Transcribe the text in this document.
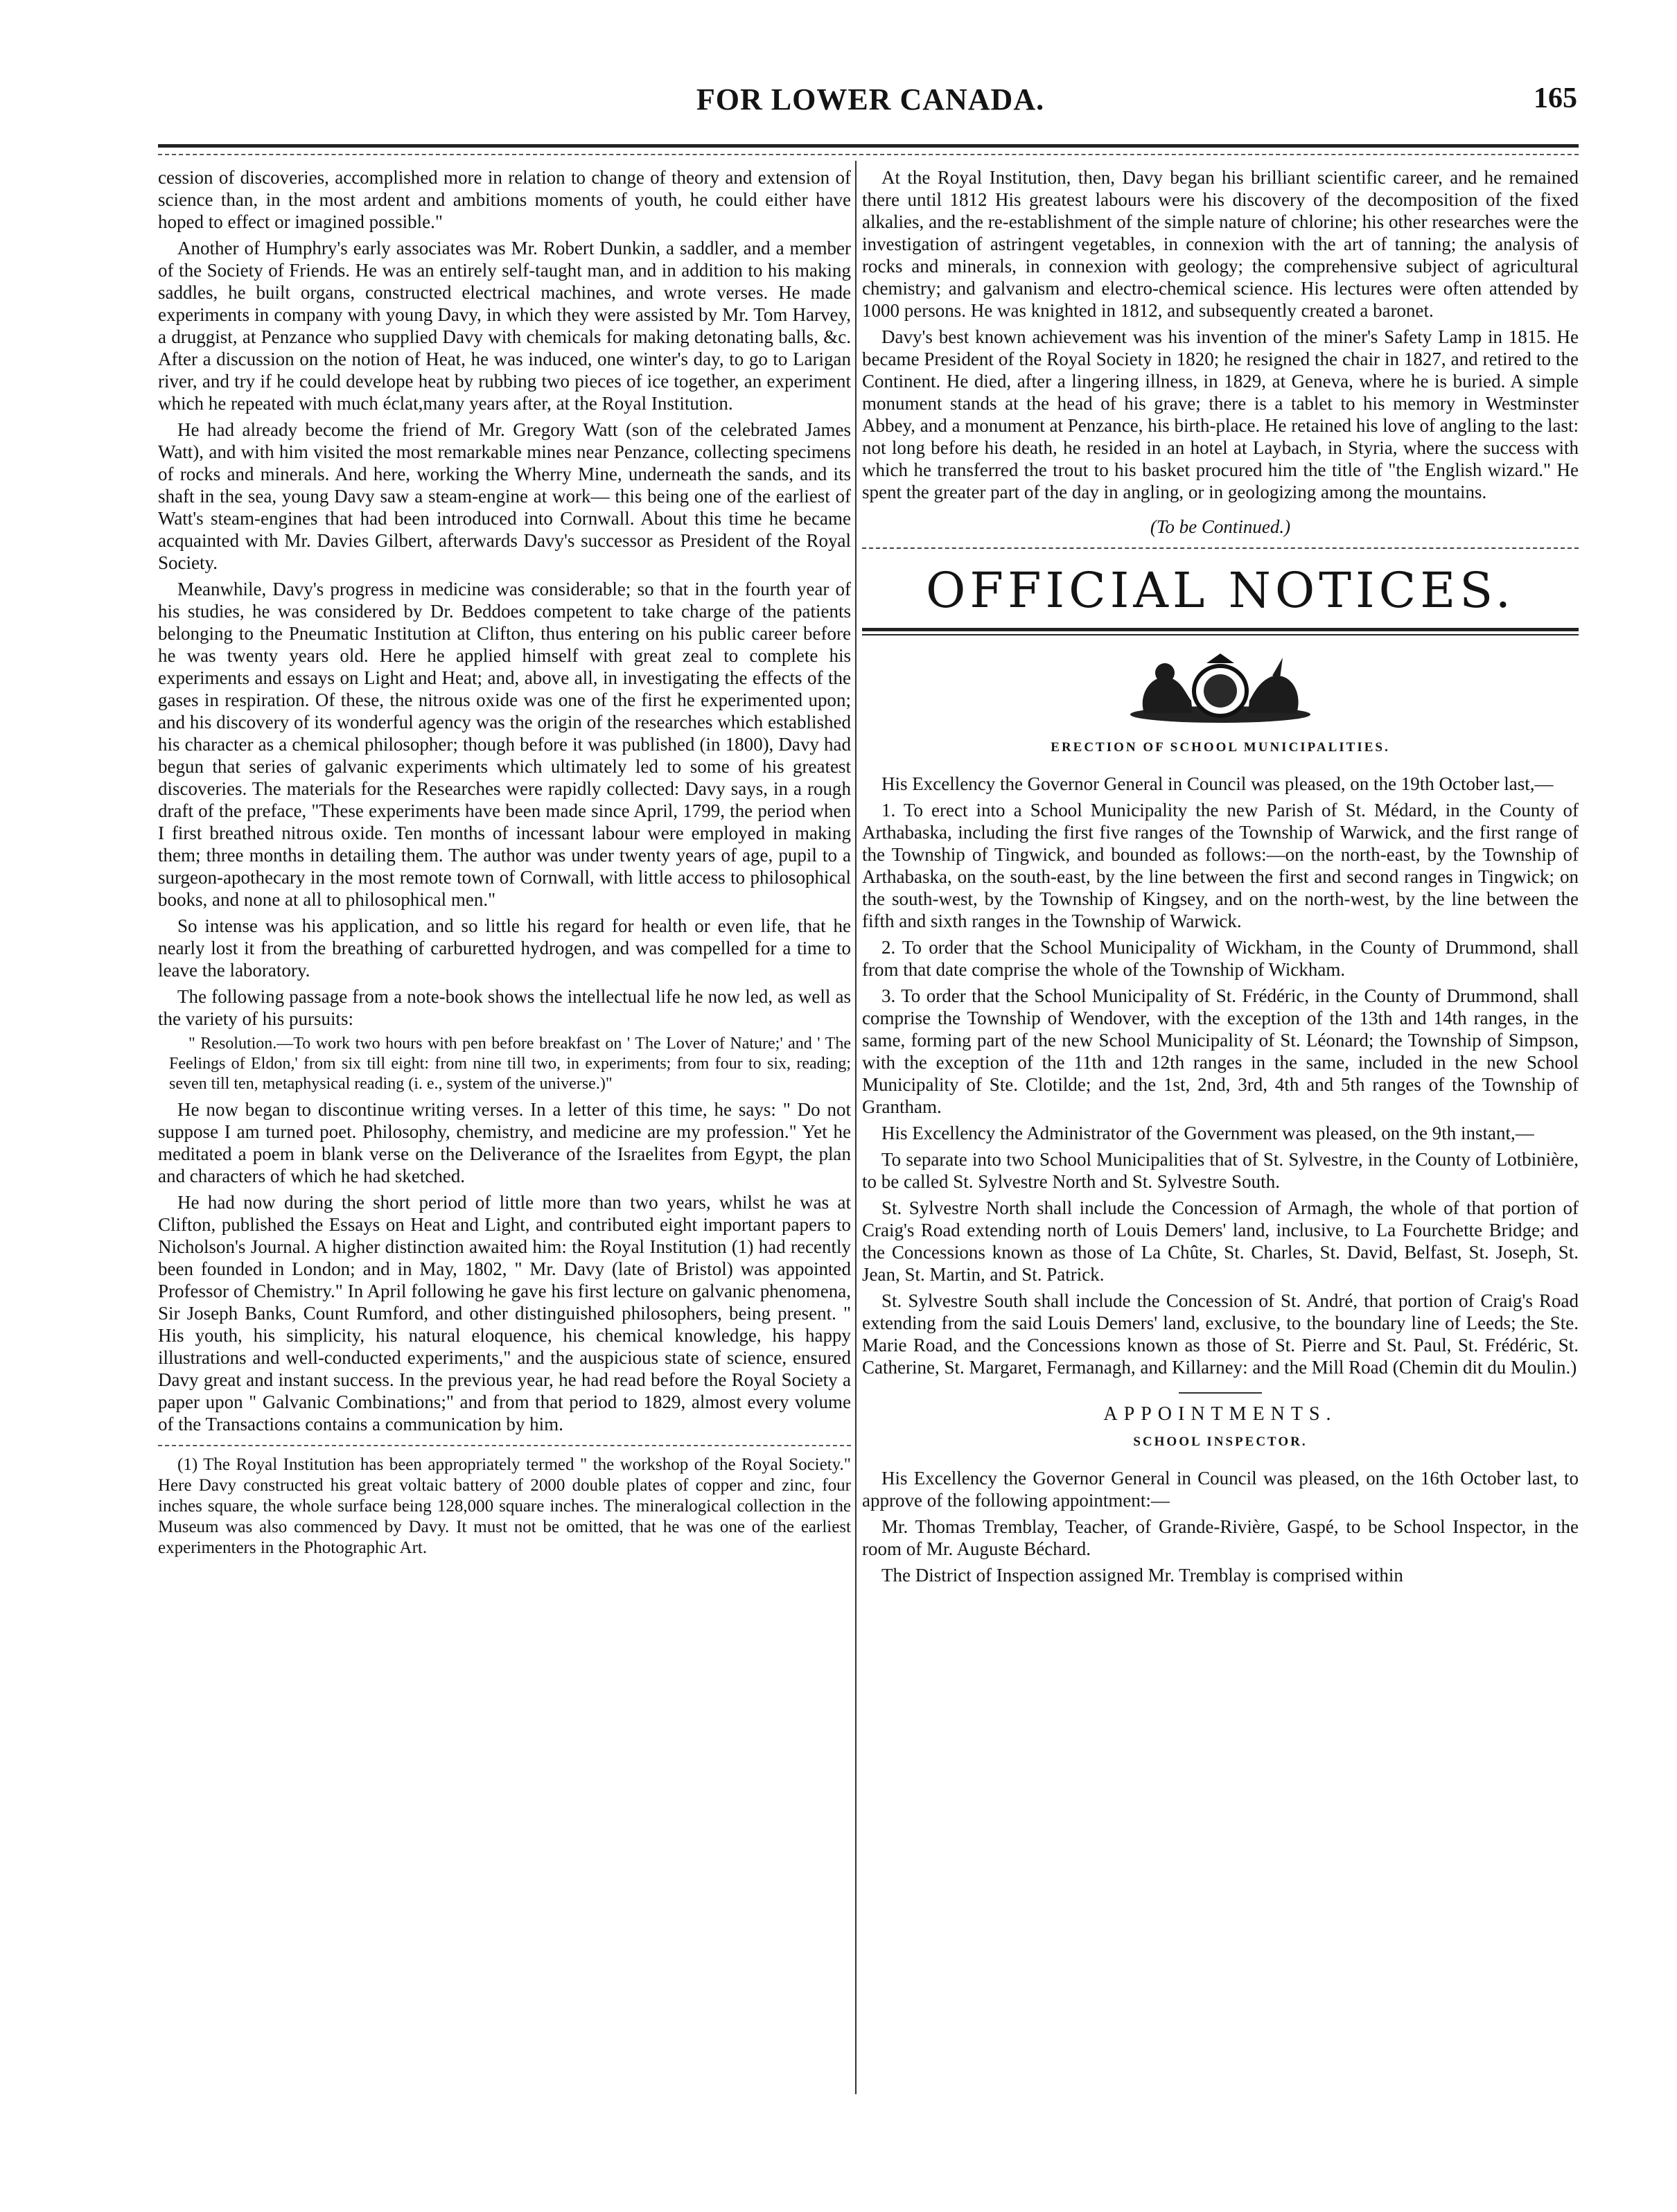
FOR LOWER CANADA.	165

cession of discoveries, accomplished more in relation to change of theory and extension of science than, in the most ardent and ambitions moments of youth, he could either have hoped to effect or imagined possible."

Another of Humphry's early associates was Mr. Robert Dunkin, a saddler, and a member of the Society of Friends. He was an entirely self-taught man, and in addition to his making saddles, he built organs, constructed electrical machines, and wrote verses. He made experiments in company with young Davy, in which they were assisted by Mr. Tom Harvey, a druggist, at Penzance who supplied Davy with chemicals for making detonating balls, &c. After a discussion on the notion of Heat, he was induced, one winter's day, to go to Larigan river, and try if he could develope heat by rubbing two pieces of ice together, an experiment which he repeated with much éclat,many years after, at the Royal Institution.

He had already become the friend of Mr. Gregory Watt (son of the celebrated James Watt), and with him visited the most remarkable mines near Penzance, collecting specimens of rocks and minerals. And here, working the Wherry Mine, underneath the sands, and its shaft in the sea, young Davy saw a steam-engine at work— this being one of the earliest of Watt's steam-engines that had been introduced into Cornwall. About this time he became acquainted with Mr. Davies Gilbert, afterwards Davy's successor as President of the Royal Society.

Meanwhile, Davy's progress in medicine was considerable; so that in the fourth year of his studies, he was considered by Dr. Beddoes competent to take charge of the patients belonging to the Pneumatic Institution at Clifton, thus entering on his public career before he was twenty years old. Here he applied himself with great zeal to complete his experiments and essays on Light and Heat; and, above all, in investigating the effects of the gases in respiration. Of these, the nitrous oxide was one of the first he experimented upon; and his discovery of its wonderful agency was the origin of the researches which established his character as a chemical philosopher; though before it was published (in 1800), Davy had begun that series of galvanic experiments which ultimately led to some of his greatest discoveries. The materials for the Researches were rapidly collected: Davy says, in a rough draft of the preface, "These experiments have been made since April, 1799, the period when I first breathed nitrous oxide. Ten months of incessant labour were employed in making them; three months in detailing them. The author was under twenty years of age, pupil to a surgeon-apothecary in the most remote town of Cornwall, with little access to philosophical books, and none at all to philosophical men."

So intense was his application, and so little his regard for health or even life, that he nearly lost it from the breathing of carburetted hydrogen, and was compelled for a time to leave the laboratory.

The following passage from a note-book shows the intellectual life he now led, as well as the variety of his pursuits:

" Resolution.—To work two hours with pen before breakfast on ' The Lover of Nature;' and ' The Feelings of Eldon,' from six till eight: from nine till two, in experiments; from four to six, reading; seven till ten, metaphysical reading (i. e., system of the universe.)"

He now began to discontinue writing verses. In a letter of this time, he says: " Do not suppose I am turned poet. Philosophy, chemistry, and medicine are my profession." Yet he meditated a poem in blank verse on the Deliverance of the Israelites from Egypt, the plan and characters of which he had sketched.

He had now during the short period of little more than two years, whilst he was at Clifton, published the Essays on Heat and Light, and contributed eight important papers to Nicholson's Journal. A higher distinction awaited him: the Royal Institution (1) had recently been founded in London; and in May, 1802, " Mr. Davy (late of Bristol) was appointed Professor of Chemistry." In April following he gave his first lecture on galvanic phenomena, Sir Joseph Banks, Count Rumford, and other distinguished philosophers, being present. " His youth, his simplicity, his natural eloquence, his chemical knowledge, his happy illustrations and well-conducted experiments," and the auspicious state of science, ensured Davy great and instant success. In the previous year, he had read before the Royal Society a paper upon " Galvanic Combinations;" and from that period to 1829, almost every volume of the Transactions contains a communication by him.

(1) The Royal Institution has been appropriately termed " the workshop of the Royal Society." Here Davy constructed his great voltaic battery of 2000 double plates of copper and zinc, four inches square, the whole surface being 128,000 square inches. The mineralogical collection in the Museum was also commenced by Davy. It must not be omitted, that he was one of the earliest experimenters in the Photographic Art.

At the Royal Institution, then, Davy began his brilliant scientific career, and he remained there until 1812 His greatest labours were his discovery of the decomposition of the fixed alkalies, and the re-establishment of the simple nature of chlorine; his other researches were the investigation of astringent vegetables, in connexion with the art of tanning; the analysis of rocks and minerals, in connexion with geology; the comprehensive subject of agricultural chemistry; and galvanism and electro-chemical science. His lectures were often attended by 1000 persons. He was knighted in 1812, and subsequently created a baronet.

Davy's best known achievement was his invention of the miner's Safety Lamp in 1815. He became President of the Royal Society in 1820; he resigned the chair in 1827, and retired to the Continent. He died, after a lingering illness, in 1829, at Geneva, where he is buried. A simple monument stands at the head of his grave; there is a tablet to his memory in Westminster Abbey, and a monument at Penzance, his birth-place. He retained his love of angling to the last: not long before his death, he resided in an hotel at Laybach, in Styria, where the success with which he transferred the trout to his basket procured him the title of "the English wizard." He spent the greater part of the day in angling, or in geologizing among the mountains.

(To be Continued.)
OFFICIAL NOTICES.
ERECTION OF SCHOOL MUNICIPALITIES.

His Excellency the Governor General in Council was pleased, on the 19th October last,—

1. To erect into a School Municipality the new Parish of St. Médard, in the County of Arthabaska, including the first five ranges of the Township of Warwick, and the first range of the Township of Tingwick, and bounded as follows:—on the north-east, by the Township of Arthabaska, on the south-east, by the line between the first and second ranges in Tingwick; on the south-west, by the Township of Kingsey, and on the north-west, by the line between the fifth and sixth ranges in the Township of Warwick.

2. To order that the School Municipality of Wickham, in the County of Drummond, shall from that date comprise the whole of the Township of Wickham.

3. To order that the School Municipality of St. Frédéric, in the County of Drummond, shall comprise the Township of Wendover, with the exception of the 13th and 14th ranges, in the same, forming part of the new School Municipality of St. Léonard; the Township of Simpson, with the exception of the 11th and 12th ranges in the same, included in the new School Municipality of Ste. Clotilde; and the 1st, 2nd, 3rd, 4th and 5th ranges of the Township of Grantham.

His Excellency the Administrator of the Government was pleased, on the 9th instant,—

To separate into two School Municipalities that of St. Sylvestre, in the County of Lotbinière, to be called St. Sylvestre North and St. Sylvestre South.

St. Sylvestre North shall include the Concession of Armagh, the whole of that portion of Craig's Road extending north of Louis Demers' land, inclusive, to La Fourchette Bridge; and the Concessions known as those of La Chûte, St. Charles, St. David, Belfast, St. Joseph, St. Jean, St. Martin, and St. Patrick.

St. Sylvestre South shall include the Concession of St. André, that portion of Craig's Road extending from the said Louis Demers' land, exclusive, to the boundary line of Leeds; the Ste. Marie Road, and the Concessions known as those of St. Pierre and St. Paul, St. Frédéric, St. Catherine, St. Margaret, Fermanagh, and Killarney: and the Mill Road (Chemin dit du Moulin.)

APPOINTMENTS.
SCHOOL INSPECTOR.

His Excellency the Governor General in Council was pleased, on the 16th October last, to approve of the following appointment:—

Mr. Thomas Tremblay, Teacher, of Grande-Rivière, Gaspé, to be School Inspector, in the room of Mr. Auguste Béchard.

The District of Inspection assigned Mr. Tremblay is comprised within
